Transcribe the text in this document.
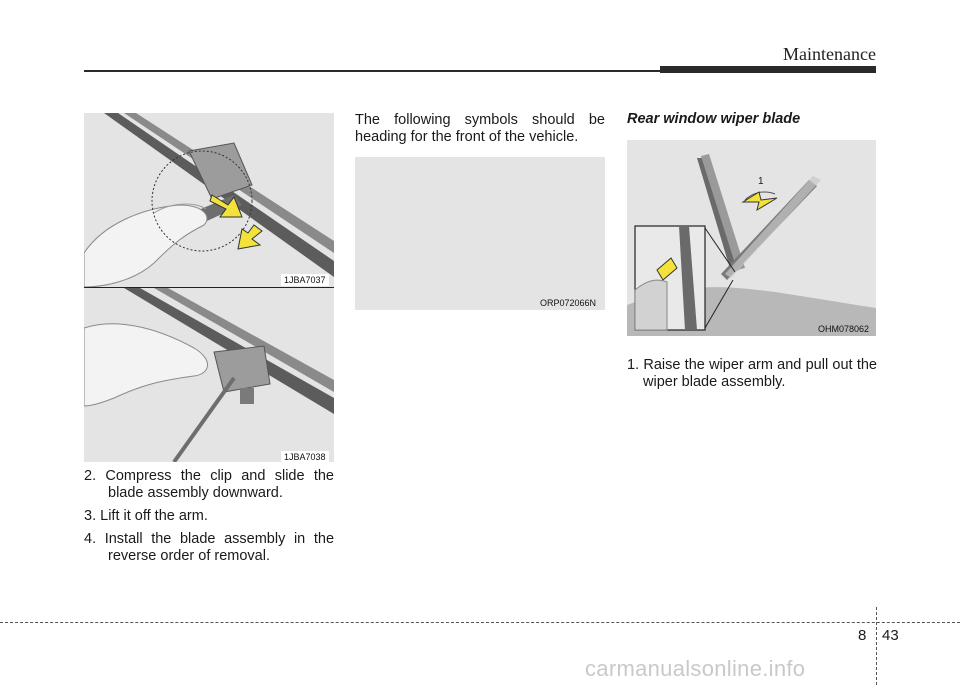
Maintenance
1JBA7037
1JBA7038
2. Compress the clip and slide the blade assembly downward.
3. Lift it off the arm.
4. Install the blade assembly in the reverse order of removal.
The following symbols should be heading for the front of the vehicle.
ORP072066N
Rear window wiper blade
1
OHM078062
1. Raise the wiper arm and pull out the wiper blade assembly.
8 43
carmanualsonline.info
